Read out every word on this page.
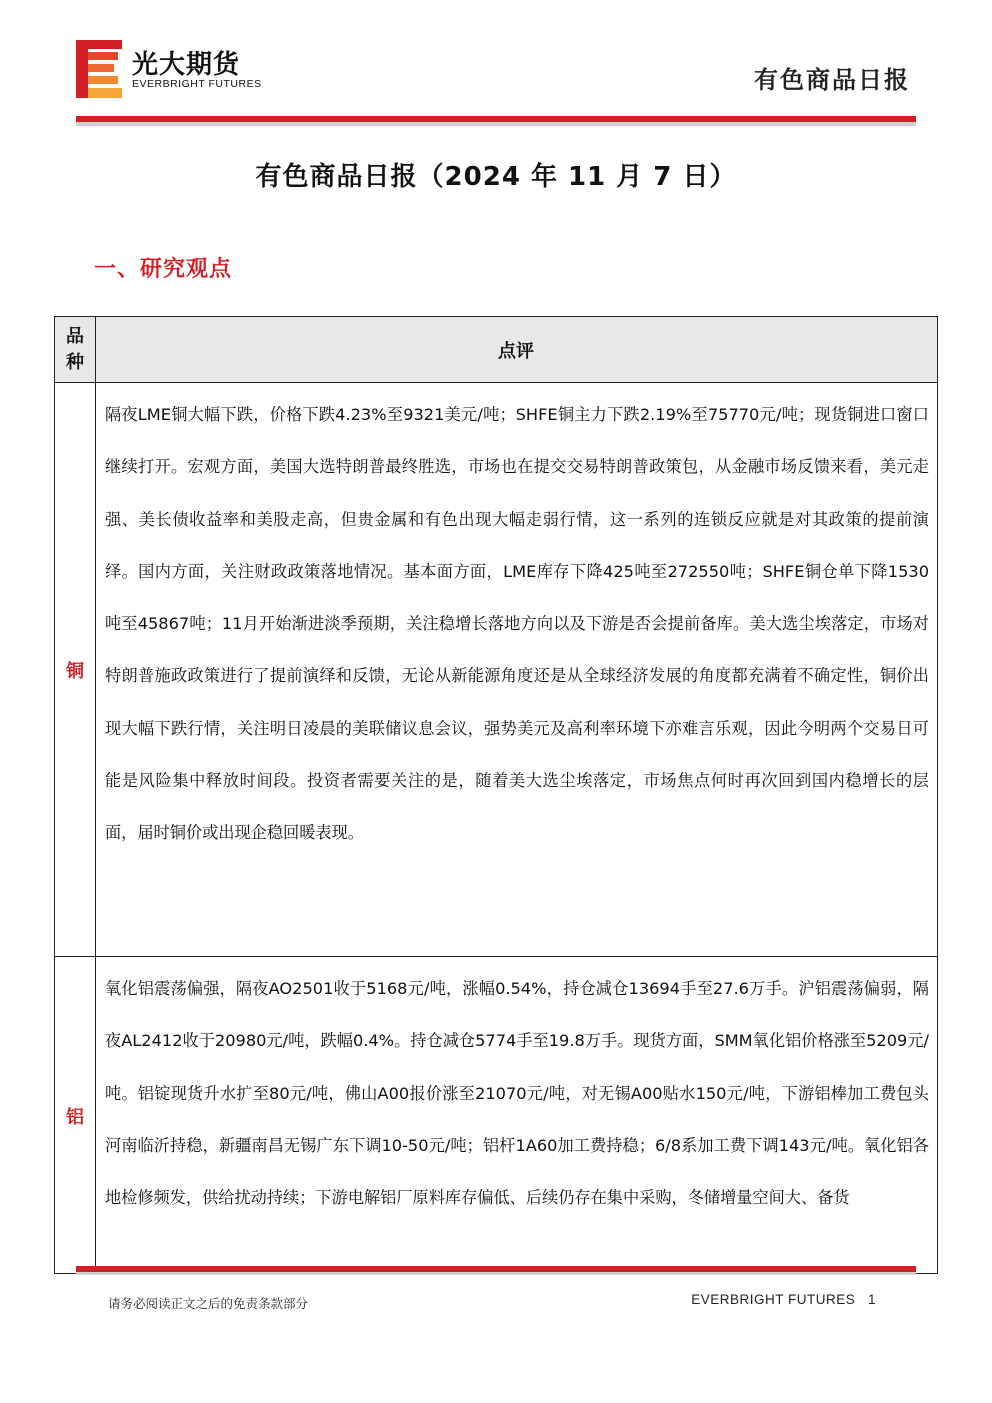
光大期货
EVERBRIGHT FUTURES	有色商品日报
有色商品日报（2024 年 11 月 7 日）
一、研究观点
品
种
点评
铜
隔夜LME铜大幅下跌，价格下跌4.23%至9321美元/吨；SHFE铜主力下跌2.19%至75770元/吨；现货铜进口窗口继续打开。宏观方面，美国大选特朗普最终胜选，市场也在提交交易特朗普政策包，从金融市场反馈来看，美元走强、美长债收益率和美股走高，但贵金属和有色出现大幅走弱行情，这一系列的连锁反应就是对其政策的提前演绎。国内方面，关注财政政策落地情况。基本面方面，LME库存下降425吨至272550吨；SHFE铜仓单下降1530吨至45867吨；11月开始渐进淡季预期，关注稳增长落地方向以及下游是否会提前备库。美大选尘埃落定，市场对特朗普施政政策进行了提前演绎和反馈，无论从新能源角度还是从全球经济发展的角度都充满着不确定性，铜价出现大幅下跌行情，关注明日凌晨的美联储议息会议，强势美元及高利率环境下亦难言乐观，因此今明两个交易日可能是风险集中释放时间段。投资者需要关注的是，随着美大选尘埃落定，市场焦点何时再次回到国内稳增长的层面，届时铜价或出现企稳回暖表现。
铝
氧化铝震荡偏强，隔夜AO2501收于5168元/吨，涨幅0.54%，持仓减仓13694手至27.6万手。沪铝震荡偏弱，隔夜AL2412收于20980元/吨，跌幅0.4%。持仓减仓5774手至19.8万手。现货方面，SMM氧化铝价格涨至5209元/吨。铝锭现货升水扩至80元/吨，佛山A00报价涨至21070元/吨，对无锡A00贴水150元/吨，下游铝棒加工费包头河南临沂持稳，新疆南昌无锡广东下调10-50元/吨；铝杆1A60加工费持稳；6/8系加工费下调143元/吨。氧化铝各地检修频发，供给扰动持续；下游电解铝厂原料库存偏低、后续仍存在集中采购，冬储增量空间大、备货
请务必阅读正文之后的免责条款部分	EVERBRIGHT FUTURES 1
